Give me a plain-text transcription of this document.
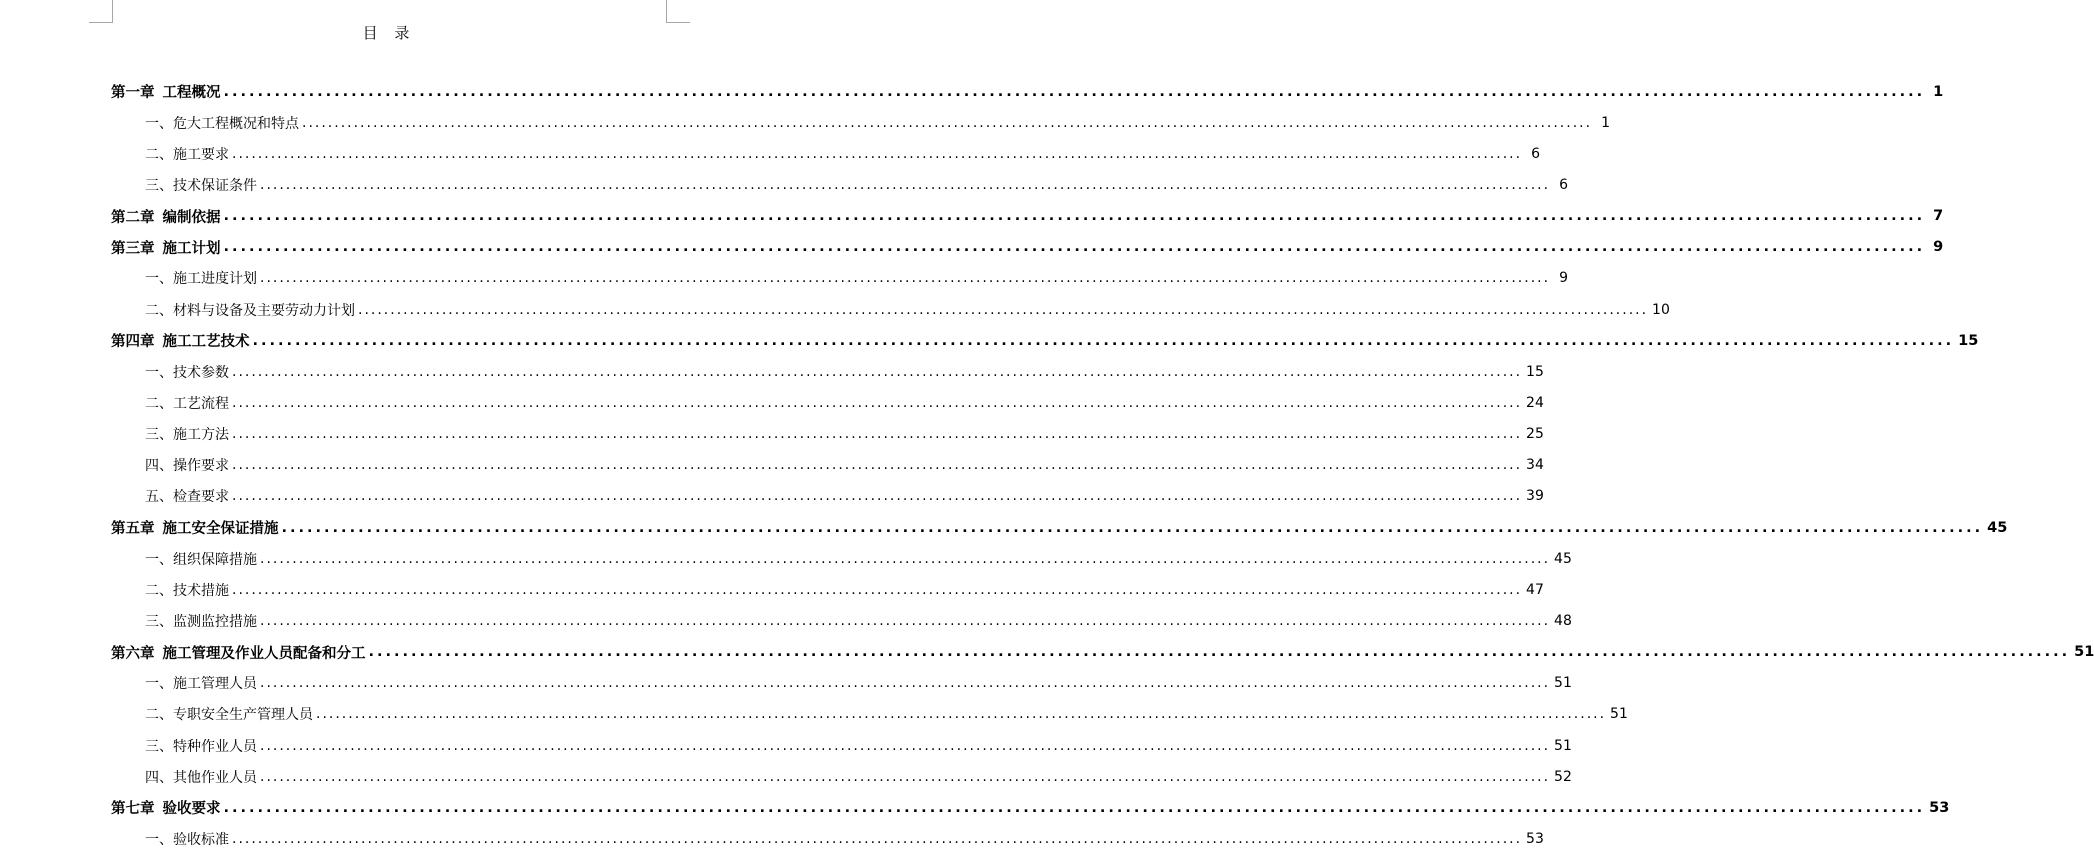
目 录
第一章 工程概况 ........................................................................................................................................................................................................ 1
一、 危大工程概况和特点 ........................................................................................................................................................................................................ 1
二、 施工要求 ........................................................................................................................................................................................................ 6
三、 技术保证条件 ........................................................................................................................................................................................................ 6
第二章 编制依据 ........................................................................................................................................................................................................ 7
第三章 施工计划 ........................................................................................................................................................................................................ 9
一、 施工进度计划 ........................................................................................................................................................................................................ 9
二、 材料与设备及主要劳动力计划 ........................................................................................................................................................................................................ 10
第四章 施工工艺技术 ........................................................................................................................................................................................................ 15
一、 技术参数 ........................................................................................................................................................................................................ 15
二、 工艺流程 ........................................................................................................................................................................................................ 24
三、 施工方法 ........................................................................................................................................................................................................ 25
四、 操作要求 ........................................................................................................................................................................................................ 34
五、 检查要求 ........................................................................................................................................................................................................ 39
第五章 施工安全保证措施 ........................................................................................................................................................................................................ 45
一、 组织保障措施 ........................................................................................................................................................................................................ 45
二、 技术措施 ........................................................................................................................................................................................................ 47
三、 监测监控措施 ........................................................................................................................................................................................................ 48
第六章 施工管理及作业人员配备和分工 ........................................................................................................................................................................................................ 51
一、 施工管理人员 ........................................................................................................................................................................................................ 51
二、 专职安全生产管理人员 ........................................................................................................................................................................................................ 51
三、 特种作业人员 ........................................................................................................................................................................................................ 51
四、 其他作业人员 ........................................................................................................................................................................................................ 52
第七章 验收要求 ........................................................................................................................................................................................................ 53
一、 验收标准 ........................................................................................................................................................................................................ 53
